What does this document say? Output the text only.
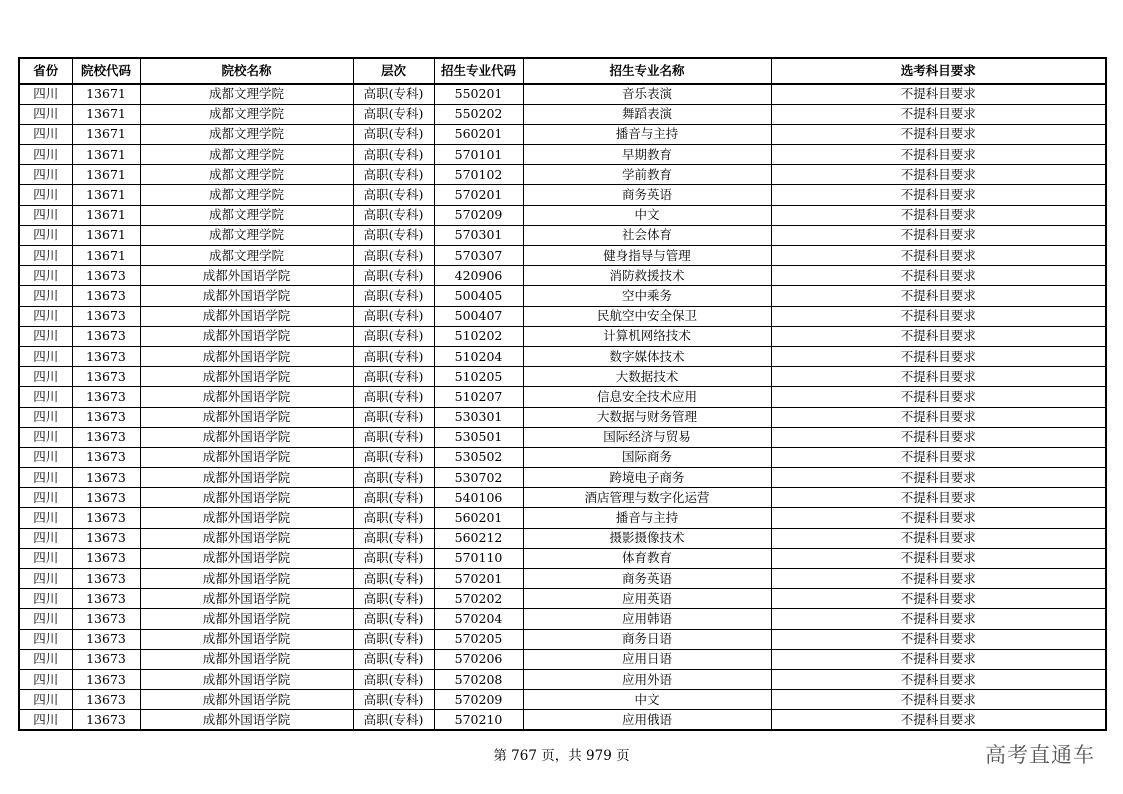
省份	院校代码	院校名称	层次	招生专业代码	招生专业名称	选考科目要求
四川	13671	成都文理学院	高职(专科)	550201	音乐表演	不提科目要求
四川	13671	成都文理学院	高职(专科)	550202	舞蹈表演	不提科目要求
四川	13671	成都文理学院	高职(专科)	560201	播音与主持	不提科目要求
四川	13671	成都文理学院	高职(专科)	570101	早期教育	不提科目要求
四川	13671	成都文理学院	高职(专科)	570102	学前教育	不提科目要求
四川	13671	成都文理学院	高职(专科)	570201	商务英语	不提科目要求
四川	13671	成都文理学院	高职(专科)	570209	中文	不提科目要求
四川	13671	成都文理学院	高职(专科)	570301	社会体育	不提科目要求
四川	13671	成都文理学院	高职(专科)	570307	健身指导与管理	不提科目要求
四川	13673	成都外国语学院	高职(专科)	420906	消防救援技术	不提科目要求
四川	13673	成都外国语学院	高职(专科)	500405	空中乘务	不提科目要求
四川	13673	成都外国语学院	高职(专科)	500407	民航空中安全保卫	不提科目要求
四川	13673	成都外国语学院	高职(专科)	510202	计算机网络技术	不提科目要求
四川	13673	成都外国语学院	高职(专科)	510204	数字媒体技术	不提科目要求
四川	13673	成都外国语学院	高职(专科)	510205	大数据技术	不提科目要求
四川	13673	成都外国语学院	高职(专科)	510207	信息安全技术应用	不提科目要求
四川	13673	成都外国语学院	高职(专科)	530301	大数据与财务管理	不提科目要求
四川	13673	成都外国语学院	高职(专科)	530501	国际经济与贸易	不提科目要求
四川	13673	成都外国语学院	高职(专科)	530502	国际商务	不提科目要求
四川	13673	成都外国语学院	高职(专科)	530702	跨境电子商务	不提科目要求
四川	13673	成都外国语学院	高职(专科)	540106	酒店管理与数字化运营	不提科目要求
四川	13673	成都外国语学院	高职(专科)	560201	播音与主持	不提科目要求
四川	13673	成都外国语学院	高职(专科)	560212	摄影摄像技术	不提科目要求
四川	13673	成都外国语学院	高职(专科)	570110	体育教育	不提科目要求
四川	13673	成都外国语学院	高职(专科)	570201	商务英语	不提科目要求
四川	13673	成都外国语学院	高职(专科)	570202	应用英语	不提科目要求
四川	13673	成都外国语学院	高职(专科)	570204	应用韩语	不提科目要求
四川	13673	成都外国语学院	高职(专科)	570205	商务日语	不提科目要求
四川	13673	成都外国语学院	高职(专科)	570206	应用日语	不提科目要求
四川	13673	成都外国语学院	高职(专科)	570208	应用外语	不提科目要求
四川	13673	成都外国语学院	高职(专科)	570209	中文	不提科目要求
四川	13673	成都外国语学院	高职(专科)	570210	应用俄语	不提科目要求
第 767 页，共 979 页	高考直通车
